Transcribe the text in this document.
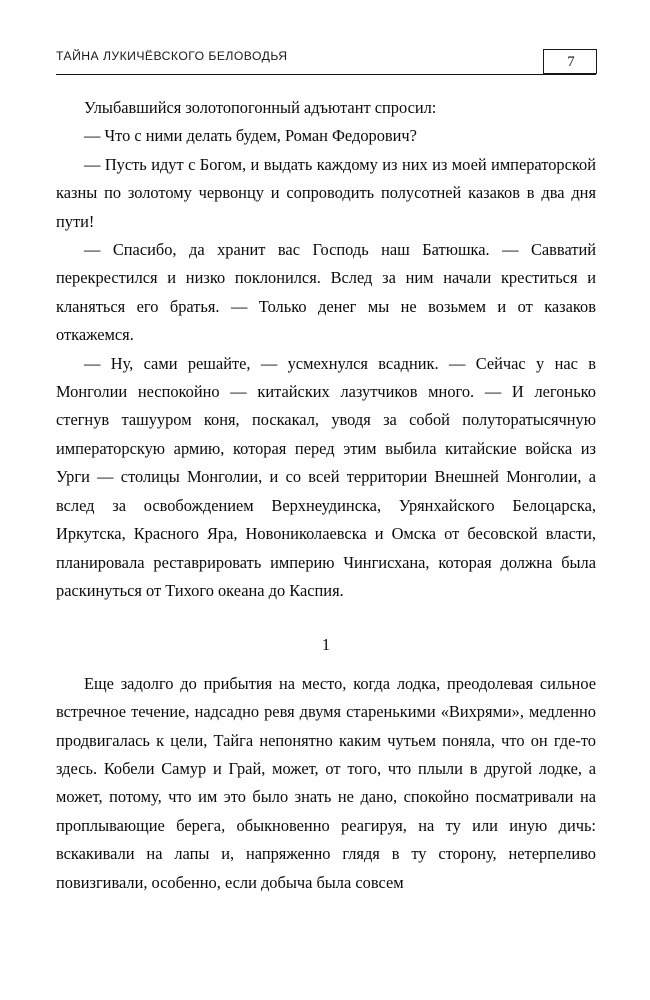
ТАЙНА ЛУКИЧЁВСКОГО БЕЛОВОДЬЯ	7

Улыбавшийся золотопогонный адъютант спросил:

— Что с ними делать будем, Роман Федорович?

— Пусть идут с Богом, и выдать каждому из них из моей императорской казны по золотому червонцу и сопроводить полусотней казаков в два дня пути!

— Спасибо, да хранит вас Господь наш Батюшка. — Савватий перекрестился и низко поклонился. Вслед за ним начали креститься и кланяться его братья. — Только денег мы не возьмем и от казаков откажемся.

— Ну, сами решайте, — усмехнулся всадник. — Сейчас у нас в Монголии неспокойно — китайских лазутчиков много. — И легонько стегнув ташууром коня, поскакал, уводя за собой полуторатысячную императорскую армию, которая перед этим выбила китайские войска из Урги — столицы Монголии, и со всей территории Внешней Монголии, а вслед за освобождением Верхнеудинска, Урянхайского Белоцарска, Иркутска, Красного Яра, Новониколаевска и Омска от бесовской власти, планировала реставрировать империю Чингисхана, которая должна была раскинуться от Тихого океана до Каспия.

1

Еще задолго до прибытия на место, когда лодка, преодолевая сильное встречное течение, надсадно ревя двумя старенькими «Вихрями», медленно продвигалась к цели, Тайга непонятно каким чутьем поняла, что он где-то здесь. Кобели Самур и Грай, может, от того, что плыли в другой лодке, а может, потому, что им это было знать не дано, спокойно посматривали на проплывающие берега, обыкновенно реагируя, на ту или иную дичь: вскакивали на лапы и, напряженно глядя в ту сторону, нетерпеливо повизгивали, особенно, если добыча была совсем
